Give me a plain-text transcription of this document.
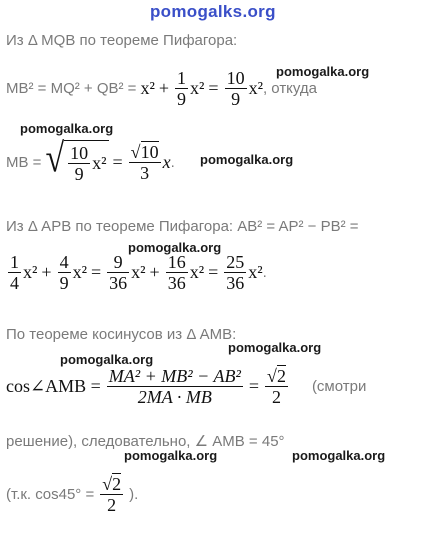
pomogalks.org
Из Δ MQB по теореме Пифагора:
$MB^2 = MQ^2 + QB^2 = x^2 + \frac{1}{9} x^2 = \frac{10}{9} x^2$ , откуда
MB = √ $\frac{10}{9} x^2 = \frac{√10}{3}$ x .
Из Δ APB по теореме Пифагора: AB² = AP² − PB² =
$\frac{1}{4} x^2 + \frac{4}{9} x^2 = \frac{9}{36} x^2 + \frac{16}{36} x^2 = \frac{25}{36} x^2$ .
По теореме косинусов из Δ AMB:
cos∠AMB = $\frac{\text{MA² + MB² − AB²}}{2MA \cdot MB} = \frac{√2}{2}$ (смотри
решение), следовательно, ∠ AMB = 45°
(т.к. $\cos 45^\circ = \frac{√2}{2}$ ).
pomogalka.org
pomogalka.org
pomogalka.org
pomogalka.org
pomogalka.org
pomogalka.org
pomogalka.org	pomogalka.org
